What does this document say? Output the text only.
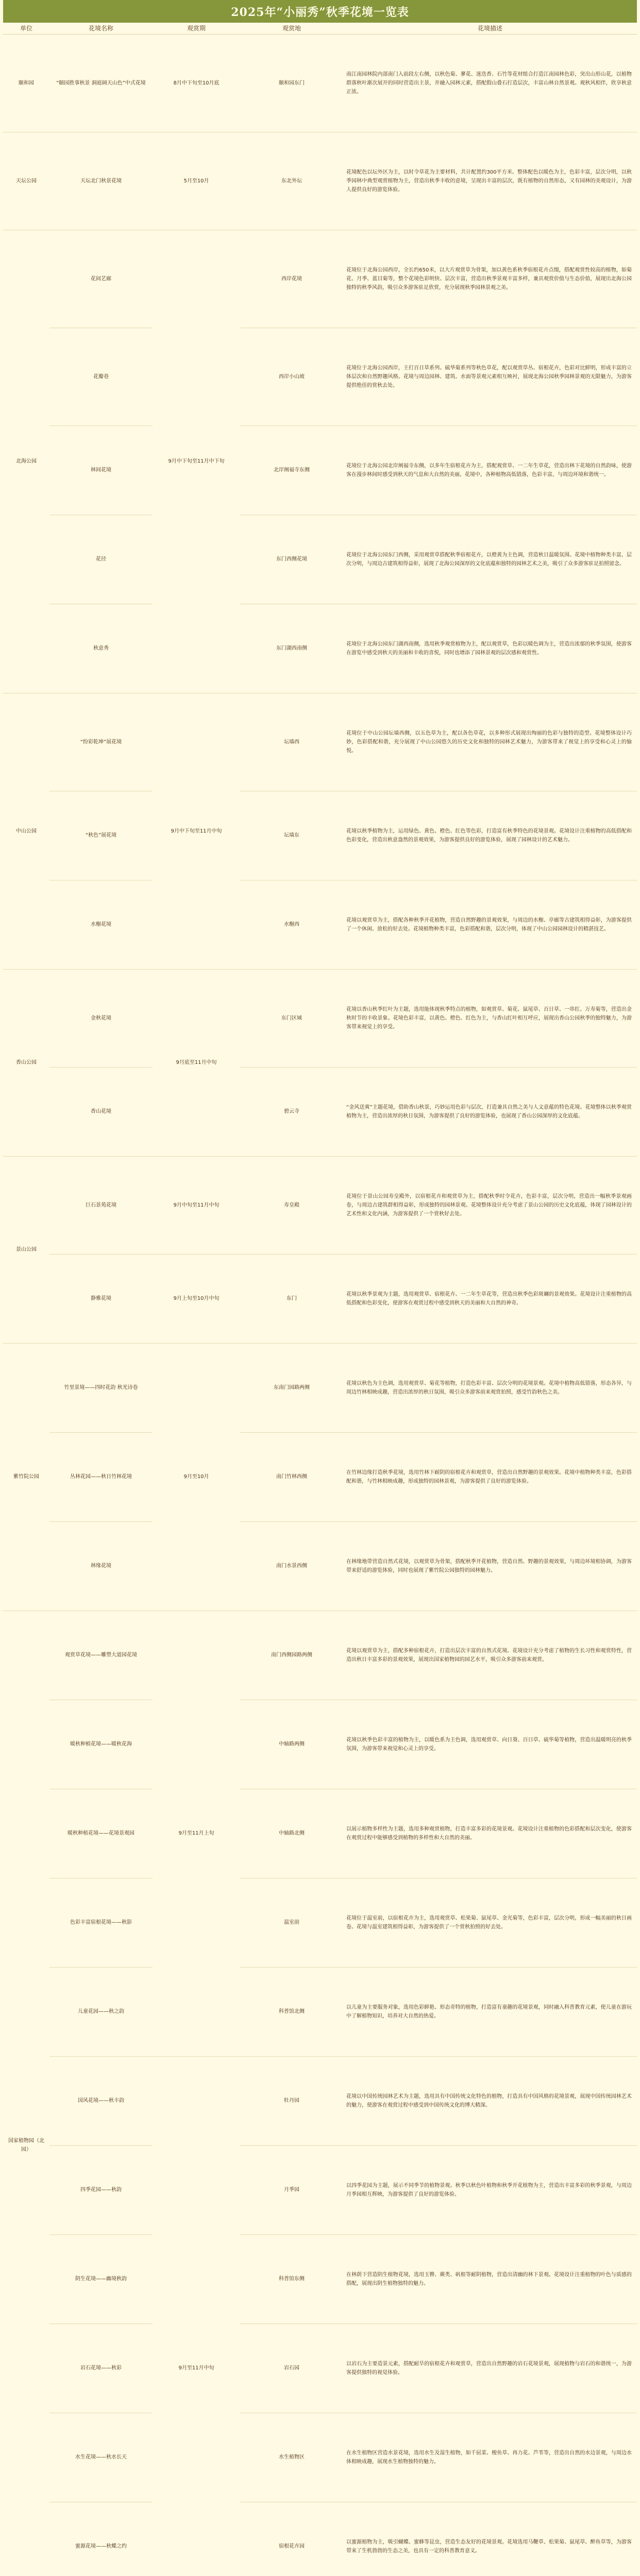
2025年“小丽秀”秋季花境一览表
单位	花境名称	观赏期	观赏地	花境描述
颐和园	“颐园胜事秋景 洞庭阔天山色”中式花境	8月中下旬至10月底	颐和园东门	南江南园林院内部南门入前段左右侧，以秋色菊、蓼花、迷迭香、石竹等花材组合打造江南园林色彩，突出山形山花，以植物群落秋叶渐次展开的同时营造出主景，并融入园林元素，搭配假山叠石打造层次，丰富山林自然景观。观秋风相伴，欣享秋意正浓。
天坛公园	天坛北门秋景花境	5月至10月	东北外坛	花境配色以坛外区为主，以时令草花为主要材料，共计配置约300平方米。整体配色以暖色为主，色彩丰富，层次分明，以秋季园林中典型观赏植物为主，营造出秋季丰收的意境，呈现出丰富的层次，既有植物的自然形态，又有园林的美观设计，为游人提供良好的游览体验。
北海公园	花间艺廊	9月中下旬至11月中下旬	西岸花境	花境位于北海公园西岸，全长约650米，以大片观赏草为骨架，加以黄色系秋季宿根花卉点缀，搭配观赏性较高的植物，如菊花、月季、蓝目菊等，整个花境色彩明快、层次丰富，营造出秋季景观丰富多样，兼具观赏价值与生态价值，展现出北海公园独特的秋季风韵，吸引众多游客驻足欣赏，充分展现秋季园林景观之美。
	花瓣巷		西岸小山坡	花境位于北海公园西岸，主打百日草系列、硫华菊系列等秋色草花，配以观赏草丛、宿根花卉，色彩对比鲜明，形成丰富的立体层次和自然野趣风格。花境与周边园林、建筑、水面等景观元素相互映衬，展现北海公园秋季园林景观的无限魅力，为游客提供绝佳的赏秋去处。
	林间花境		北岸阐福寺东侧	花境位于北海公园北岸阐福寺东侧，以多年生宿根花卉为主，搭配观赏草、一二年生草花，营造出林下花境的自然韵味，使游客在漫步林间时感受到秋天的气息和大自然的美丽。花境中，各种植物高低错落，色彩丰富，与周边环境和谐统一。
	花径		东门西侧花境	花境位于北海公园东门西侧，采用观赏草搭配秋季宿根花卉，以橙黄为主色调，营造秋日温暖氛围。花境中植物种类丰富，层次分明，与周边古建筑相得益彰，展现了北海公园深厚的文化底蕴和独特的园林艺术之美，吸引了众多游客驻足拍照留念。
	秋意秀		东门湖西南侧	花境位于北海公园东门湖西南侧，选用秋季观赏植物为主，配以观赏草，色彩以暖色调为主，营造出浓郁的秋季氛围，使游客在游览中感受到秋天的美丽和丰收的喜悦，同时也增添了园林景观的层次感和观赏性。
中山公园	“纷彩乾坤”展花境	9月中下旬至11月中旬	坛墙西	花境位于中山公园坛墙西侧，以五色草为主，配以各色草花，以多种形式展现出绚丽的色彩与独特的造型。花境整体设计巧妙，色彩搭配和谐，充分展现了中山公园悠久的历史文化和独特的园林艺术魅力，为游客带来了视觉上的享受和心灵上的愉悦。
	“秋色”展花境		坛墙东	花境以秋季植物为主，运用绿色、黄色、橙色、红色等色彩，打造富有秋季特色的花境景观。花境设计注重植物的高低搭配和色彩变化，营造出秋意盎然的景观效果，为游客提供良好的游览体验，展现了园林设计的艺术魅力。
	水榭花境		水榭西	花境以观赏草为主，搭配各种秋季开花植物，营造自然野趣的景观效果，与周边的水榭、亭廊等古建筑相得益彰，为游客提供了一个休闲、放松的好去处。花境植物种类丰富，色彩搭配和谐，层次分明，体现了中山公园园林设计的精湛技艺。
香山公园	金秋花境	9月底至11月中旬	东门区域	花境以香山秋季红叶为主题，选用能体现秋季特点的植物，如观赏草、菊花、鼠尾草、百日草、一串红、万寿菊等，营造出金秋时节的丰收景象。花境色彩丰富，以黄色、橙色、红色为主，与香山红叶相互呼应，展现出香山公园秋季的独特魅力，为游客带来视觉上的享受。
	香山花境		碧云寺	“金风送爽”主题花境，借助香山秋景，巧妙运用色彩与层次，打造兼具自然之美与人文意蕴的特色花境。花境整体以秋季观赏植物为主，营造出浓厚的秋日氛围，为游客提供了良好的游览体验，也展现了香山公园深厚的文化底蕴。
景山公园	巨石景苑花境	9月中旬至11月中旬	寿皇殿	花境位于景山公园寿皇殿外，以宿根花卉和观赏草为主，搭配秋季时令花卉，色彩丰富，层次分明，营造出一幅秋季景观画卷，与周边古建筑群相得益彰，形成独特的园林景观。花境整体设计充分考虑了景山公园的历史文化底蕴，体现了园林设计的艺术性和文化内涵，为游客提供了一个赏秋好去处。
	静雅花境	9月上旬至10月中旬	东门	花境以秋季景观为主题，选用观赏草、宿根花卉、一二年生草花等，营造出秋季色彩斑斓的景观效果。花境设计注重植物的高低搭配和色彩变化，使游客在观赏过程中感受到秋天的美丽和大自然的神奇。
紫竹院公园	竹里景境——四时花韵 秋光诗卷	9月至10月	东南门园路两侧	花境以秋色为主色调，选用观赏草、菊花等植物，打造色彩丰富、层次分明的花境景观。花境中植物高低错落，形态各异，与周边竹林相映成趣，营造出浓厚的秋日氛围，吸引众多游客前来观赏拍照，感受竹韵秋色之美。
	丛林花园——秋日竹林花境		南门竹林西侧	在竹林边缘打造秋季花境，选用竹林下耐阴的宿根花卉和观赏草，营造出自然野趣的景观效果。花境中植物种类丰富，色彩搭配和谐，与竹林相映成趣，形成独特的园林景观，为游客提供了良好的游览体验。
	林缘花境		南门水景西侧	在林缘地带营造自然式花境，以观赏草为骨架，搭配秋季开花植物，营造自然、野趣的景观效果，与周边环境相协调，为游客带来舒适的游览体验，同时也展现了紫竹院公园独特的园林魅力。
国家植物园（北园）	观赏草花境——雕塑大道园花境	9月至11月上旬	南门西侧园路两侧	花境以观赏草为主，搭配多种宿根花卉，打造出层次丰富的自然式花境。花境设计充分考虑了植物的生长习性和观赏特性，营造出秋日丰富多彩的景观效果，展现出国家植物园的园艺水平，吸引众多游客前来观赏。
	暖秋种植花境——暖秋花海		中轴路两侧	花境以秋季色彩丰富的植物为主，以暖色系为主色调，选用观赏草、向日葵、百日草、硫华菊等植物，营造出温暖明亮的秋季氛围，为游客带来视觉和心灵上的享受。
	暖秋种植花境——花境景观园		中轴路北侧	以展示植物多样性为主题，选用多种观赏植物，打造丰富多彩的花境景观。花境设计注重植物的色彩搭配和层次变化，使游客在观赏过程中能够感受到植物的多样性和大自然的美丽。
	色彩丰富宿根花境——秋影		温室前	花境位于温室前，以宿根花卉为主，选用观赏草、松果菊、鼠尾草、金光菊等，色彩丰富，层次分明，形成一幅美丽的秋日画卷。花境与温室建筑相得益彰，为游客提供了一个赏秋拍照的好去处。
	儿童花园——秋之韵		科普馆北侧	以儿童为主要服务对象，选用色彩鲜艳、形态奇特的植物，打造富有童趣的花境景观，同时融入科普教育元素，使儿童在游玩中了解植物知识，培养对大自然的热爱。
	国风花境——秋丰韵	9月至11月中旬	牡丹园	花境以中国传统园林艺术为主题，选用具有中国传统文化特色的植物，打造具有中国风格的花境景观，展现中国传统园林艺术的魅力，使游客在观赏过程中感受到中国传统文化的博大精深。
	四季花园——秋韵		月季园	以四季花园为主题，展示不同季节的植物景观。秋季以秋色叶植物和秋季开花植物为主，营造出丰富多彩的秋季景观，与周边月季园相互辉映，为游客提供了良好的游览体验。
	阴生花境——幽境秋韵		科普馆东侧	在林荫下营造阴生植物花境，选用玉簪、蕨类、矾根等耐阴植物，营造出清幽的林下景观。花境设计注重植物的叶色与质感的搭配，展现出阴生植物独特的魅力。
	岩石花境——秋彩		岩石园	以岩石为主要造景元素，搭配耐旱的宿根花卉和观赏草，营造出自然野趣的岩石花境景观，展现植物与岩石的和谐统一，为游客提供独特的视觉体验。
	水生花境——秋水长天		水生植物区	在水生植物区营造水景花境，选用水生及湿生植物，如千屈菜、梭鱼草、再力花、芦苇等，营造出自然的水边景观，与周边水体相映成趣，展现水生植物独特的魅力。
	蜜源花境——秋蝶之约		宿根花卉园	以蜜源植物为主，吸引蝴蝶、蜜蜂等昆虫，营造生态友好的花境景观。花境选用马鞭草、松果菊、鼠尾草、醉鱼草等，为游客带来了生机勃勃的生态之美，也具有一定的科普教育意义。
